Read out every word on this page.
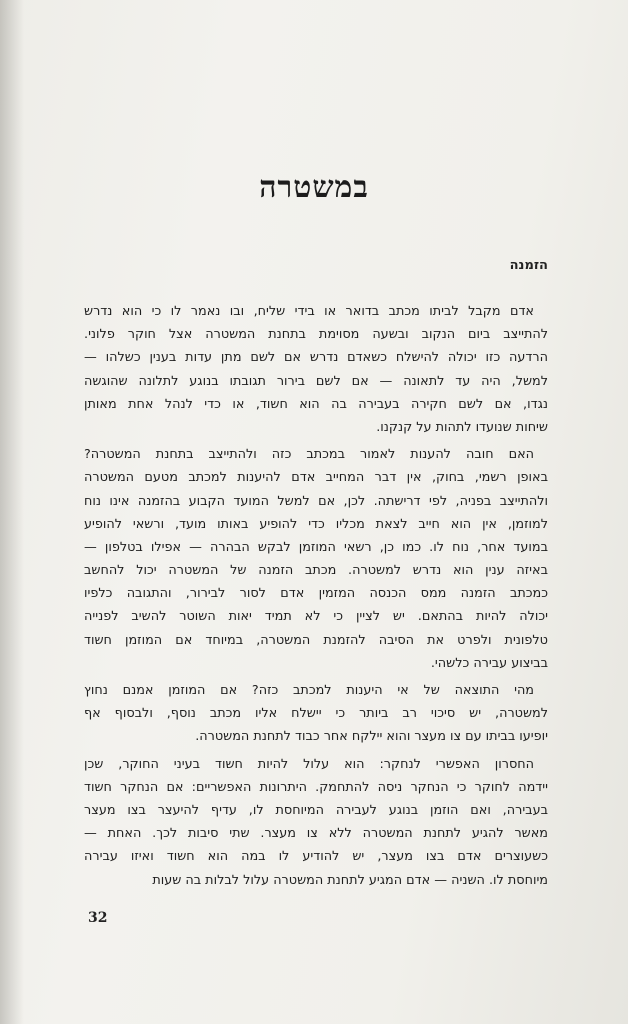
במשטרה
הזמנה
אדם מקבל לביתו מכתב בדואר או בידי שליח, ובו נאמר לו כי הוא נדרש
להתייצב ביום הנקוב ובשעה מסוימת בתחנת המשטרה אצל חוקר פלוני.
הרדעה כזו יכולה להישלח כשאדם נדרש אם לשם מתן עדות בענין כשלהו —
למשל, היה עד לתאונה — אם לשם בירור תגובתו בנוגע לתלונה שהוגשה
נגדו, אם לשם חקירה בעבירה בה הוא חשוד, או כדי לנהל אחת מאותן
שיחות שנועדו לתהות על קנקנו.
האם חובה להענות לאמור במכתב כזה ולהתייצב בתחנת המשטרה?
באופן רשמי, בחוק, אין דבר המחייב אדם להיענות למכתב מטעם המשטרה
ולהתייצב בפניה, לפי דרישתה. לכן, אם למשל המועד הקבוע בהזמנה אינו נוח
למוזמן, אין הוא חייב לצאת מכליו כדי להופיע באותו מועד, ורשאי להופיע
במועד אחר, נוח לו. כמו כן, רשאי המוזמן לבקש הבהרה — אפילו בטלפון —
באיזה ענין הוא נדרש למשטרה. מכתב הזמנה של המשטרה יכול להחשב
כמכתב הזמנה ממס הכנסה המזמין אדם לסור לבירור, והתגובה כלפיו
יכולה להיות בהתאם. יש לציין כי לא תמיד יאות השוטר להשיב לפנייה
טלפונית ולפרט את הסיבה להזמנת המשטרה, במיוחד אם המוזמן חשוד
בביצוע עבירה כלשהי.
מהי התוצאה של אי היענות למכתב כזה? אם המוזמן אמנם נחוץ
למשטרה, יש סיכוי רב ביותר כי יישלח אליו מכתב נוסף, ולבסוף אף
יופיעו בביתו עם צו מעצר והוא יילקח אחר כבוד לתחנת המשטרה.
החסרון האפשרי לנחקר: הוא עלול להיות חשוד בעיני החוקר, שכן
יידמה לחוקר כי הנחקר ניסה להתחמק. היתרונות האפשריים: אם הנחקר חשוד
בעבירה, ואם הוזמן בנוגע לעבירה המיוחסת לו, עדיף להיעצר בצו מעצר
מאשר להגיע לתחנת המשטרה ללא צו מעצר. שתי סיבות לכך. האחת —
כשעוצרים אדם בצו מעצר, יש להודיע לו במה הוא חשוד ואיזו עבירה
מיוחסת לו. השניה — אדם המגיע לתחנת המשטרה עלול לבלות בה שעות
32
